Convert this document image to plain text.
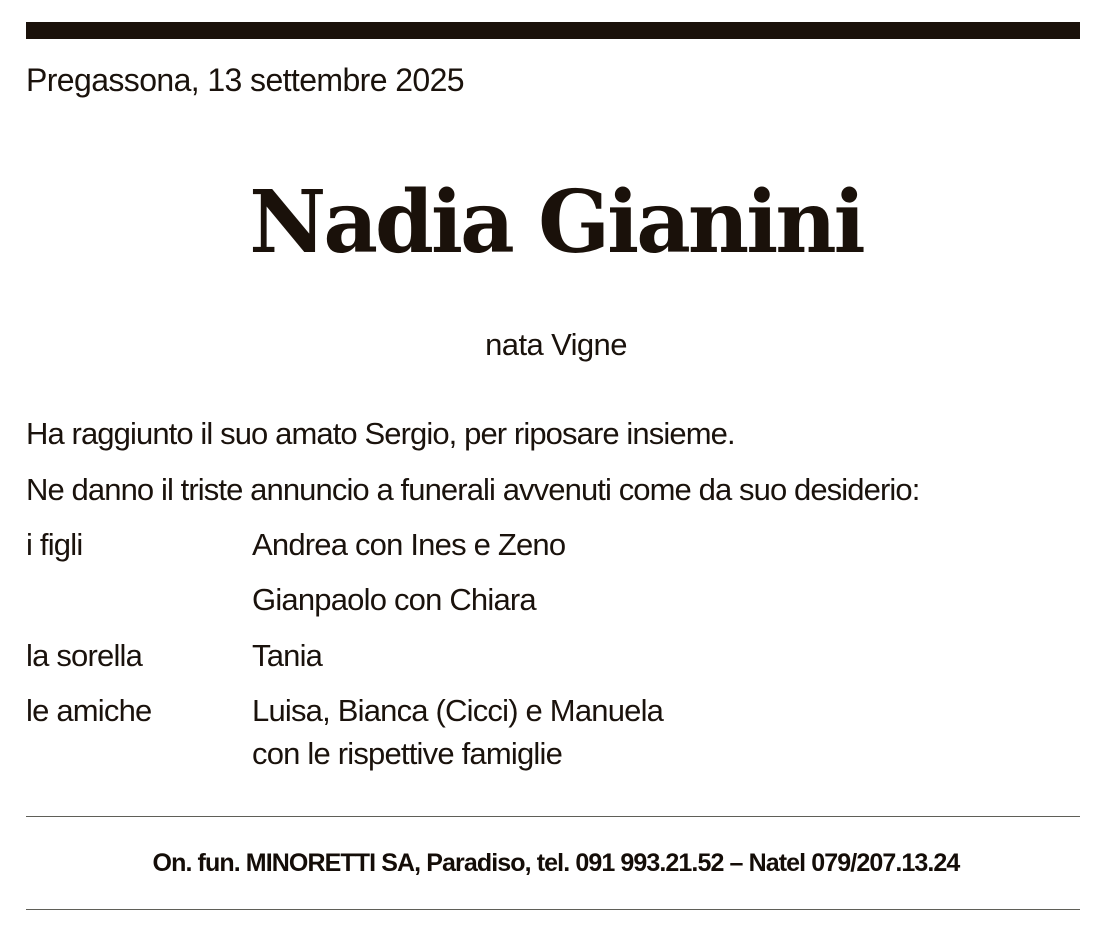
Pregassona, 13 settembre 2025
Nadia Gianini
nata Vigne
Ha raggiunto il suo amato Sergio, per riposare insieme.
Ne danno il triste annuncio a funerali avvenuti come da suo desiderio:
i figli	Andrea con Ines e Zeno
Gianpaolo con Chiara
la sorella	Tania
le amiche	Luisa, Bianca (Cicci) e Manuela
con le rispettive famiglie
On. fun. MINORETTI SA, Paradiso, tel. 091 993.21.52 – Natel 079/207.13.24
